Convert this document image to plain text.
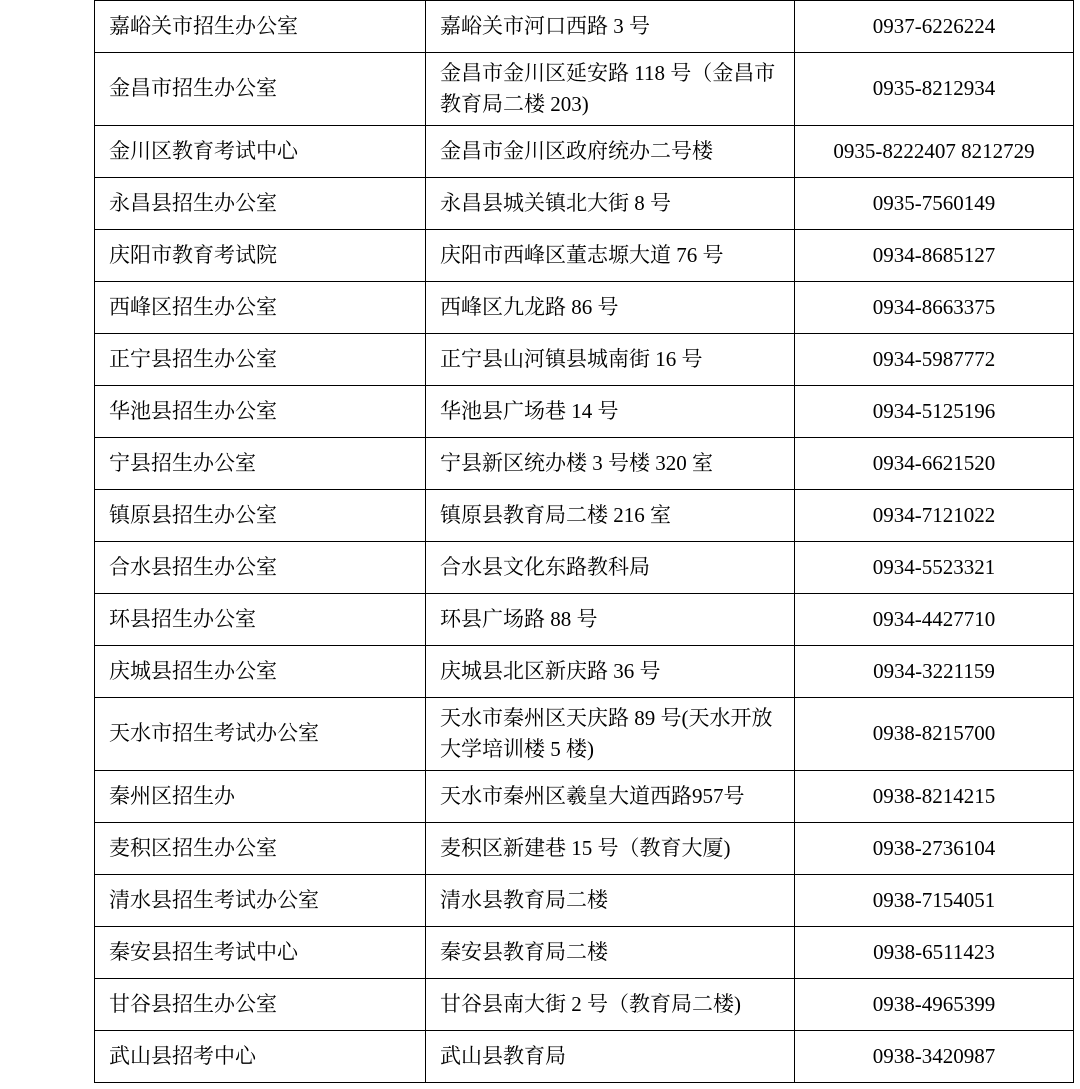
嘉峪关市招生办公室	嘉峪关市河口西路 3 号	0937-6226224
金昌市招生办公室	金昌市金川区延安路 118 号（金昌市教育局二楼 203)	0935-8212934
金川区教育考试中心	金昌市金川区政府统办二号楼	0935-8222407 8212729
永昌县招生办公室	永昌县城关镇北大街 8 号	0935-7560149
庆阳市教育考试院	庆阳市西峰区董志塬大道 76 号	0934-8685127
西峰区招生办公室	西峰区九龙路 86 号	0934-8663375
正宁县招生办公室	正宁县山河镇县城南街 16 号	0934-5987772
华池县招生办公室	华池县广场巷 14 号	0934-5125196
宁县招生办公室	宁县新区统办楼 3 号楼 320 室	0934-6621520
镇原县招生办公室	镇原县教育局二楼 216 室	0934-7121022
合水县招生办公室	合水县文化东路教科局	0934-5523321
环县招生办公室	环县广场路 88 号	0934-4427710
庆城县招生办公室	庆城县北区新庆路 36 号	0934-3221159
天水市招生考试办公室	天水市秦州区天庆路 89 号(天水开放大学培训楼 5 楼)	0938-8215700
秦州区招生办	天水市秦州区羲皇大道西路957号	0938-8214215
麦积区招生办公室	麦积区新建巷 15 号（教育大厦)	0938-2736104
清水县招生考试办公室	清水县教育局二楼	0938-7154051
秦安县招生考试中心	秦安县教育局二楼	0938-6511423
甘谷县招生办公室	甘谷县南大街 2 号（教育局二楼)	0938-4965399
武山县招考中心	武山县教育局	0938-3420987
